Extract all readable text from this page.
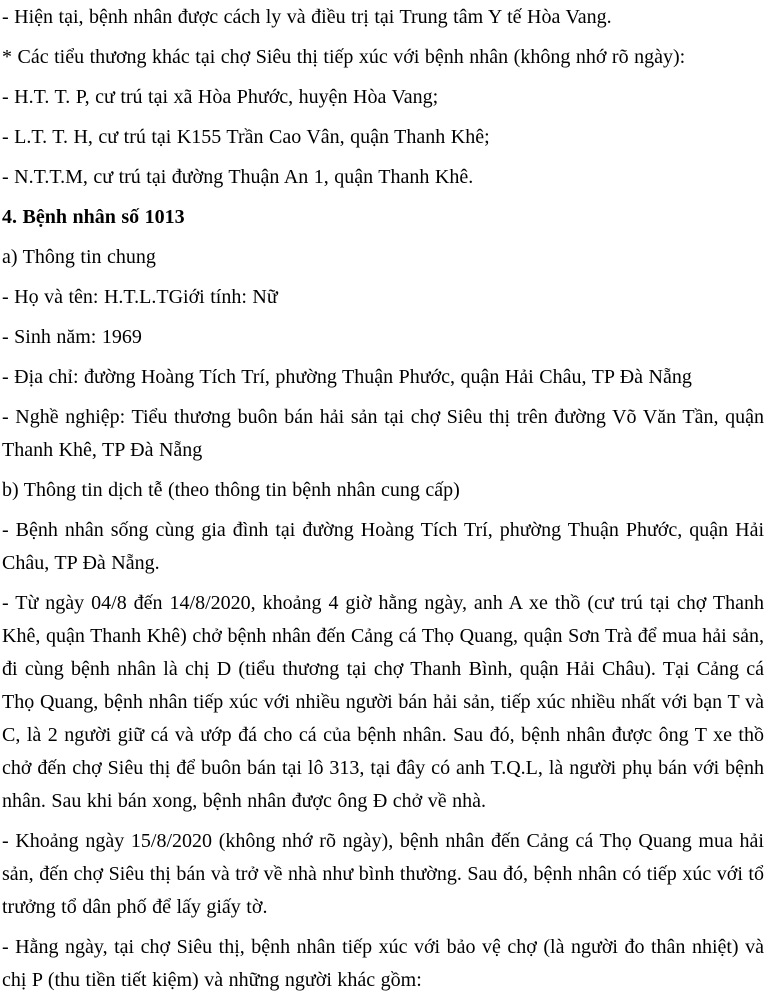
- Hiện tại, bệnh nhân được cách ly và điều trị tại Trung tâm Y tế Hòa Vang.

* Các tiểu thương khác tại chợ Siêu thị tiếp xúc với bệnh nhân (không nhớ rõ ngày):

- H.T. T. P, cư trú tại xã Hòa Phước, huyện Hòa Vang;

- L.T. T. H, cư trú tại K155 Trần Cao Vân, quận Thanh Khê;

- N.T.T.M, cư trú tại đường Thuận An 1, quận Thanh Khê.

4. Bệnh nhân số 1013

a) Thông tin chung

- Họ và tên: H.T.L.TGiới tính: Nữ

- Sinh năm: 1969

- Địa chỉ: đường Hoàng Tích Trí, phường Thuận Phước, quận Hải Châu, TP Đà Nẵng

- Nghề nghiệp: Tiểu thương buôn bán hải sản tại chợ Siêu thị trên đường Võ Văn Tần, quận Thanh Khê, TP Đà Nẵng

b) Thông tin dịch tễ (theo thông tin bệnh nhân cung cấp)

- Bệnh nhân sống cùng gia đình tại đường Hoàng Tích Trí, phường Thuận Phước, quận Hải Châu, TP Đà Nẵng.

- Từ ngày 04/8 đến 14/8/2020, khoảng 4 giờ hằng ngày, anh A xe thồ (cư trú tại chợ Thanh Khê, quận Thanh Khê) chở bệnh nhân đến Cảng cá Thọ Quang, quận Sơn Trà để mua hải sản, đi cùng bệnh nhân là chị D (tiểu thương tại chợ Thanh Bình, quận Hải Châu). Tại Cảng cá Thọ Quang, bệnh nhân tiếp xúc với nhiều người bán hải sản, tiếp xúc nhiều nhất với bạn T và C, là 2 người giữ cá và ướp đá cho cá của bệnh nhân. Sau đó, bệnh nhân được ông T xe thồ chở đến chợ Siêu thị để buôn bán tại lô 313, tại đây có anh T.Q.L, là người phụ bán với bệnh nhân. Sau khi bán xong, bệnh nhân được ông Đ chở về nhà.

- Khoảng ngày 15/8/2020 (không nhớ rõ ngày), bệnh nhân đến Cảng cá Thọ Quang mua hải sản, đến chợ Siêu thị bán và trở về nhà như bình thường. Sau đó, bệnh nhân có tiếp xúc với tổ trưởng tổ dân phố để lấy giấy tờ.

- Hằng ngày, tại chợ Siêu thị, bệnh nhân tiếp xúc với bảo vệ chợ (là người đo thân nhiệt) và chị P (thu tiền tiết kiệm) và những người khác gồm:
